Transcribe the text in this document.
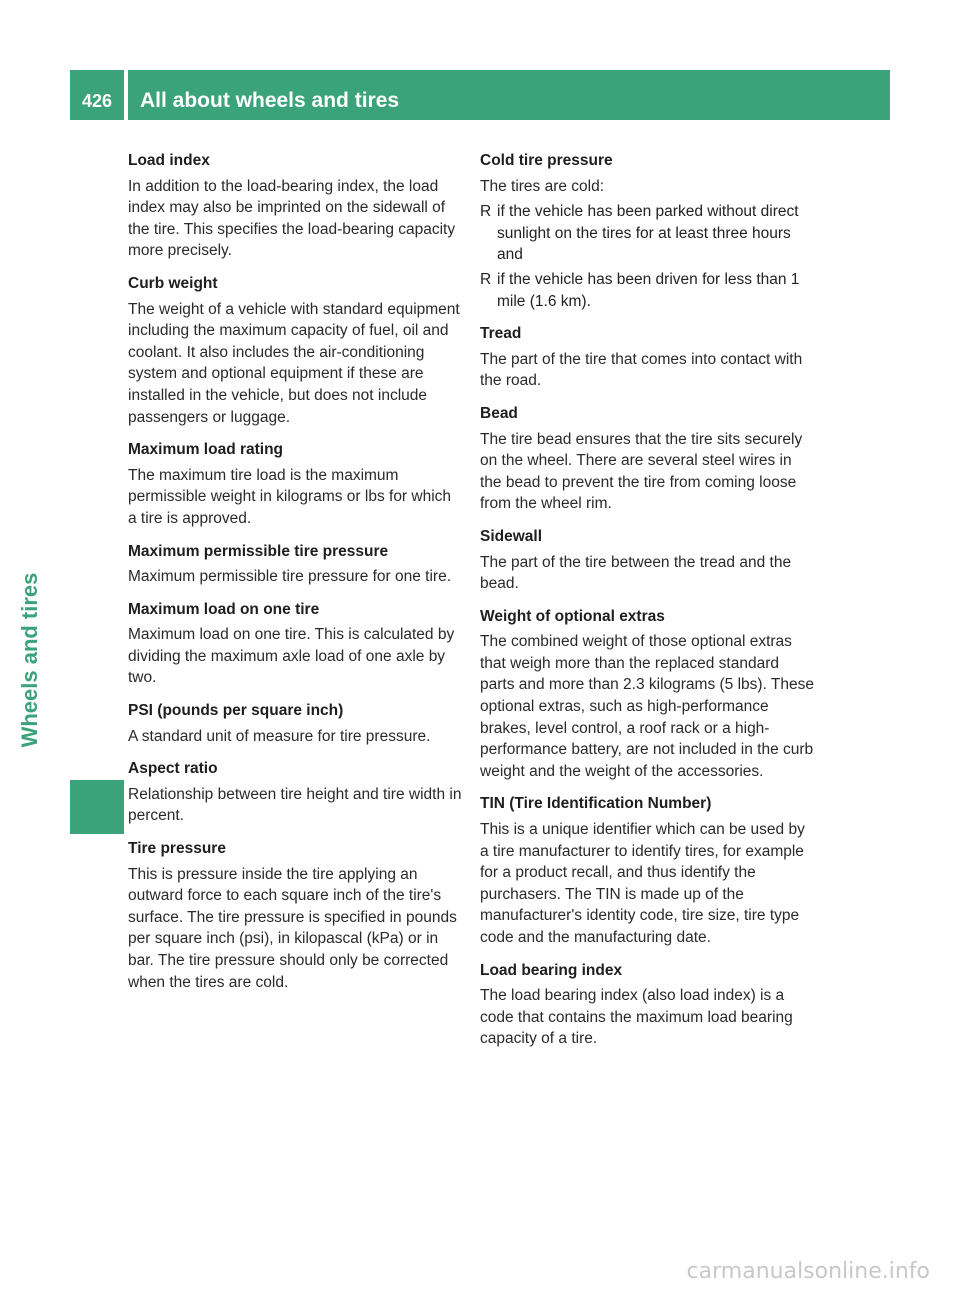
426	All about wheels and tires
Wheels and tires
Load index

In addition to the load-bearing index, the load index may also be imprinted on the sidewall of the tire. This specifies the load-bearing capacity more precisely.

Curb weight

The weight of a vehicle with standard equipment including the maximum capacity of fuel, oil and coolant. It also includes the air-conditioning system and optional equipment if these are installed in the vehicle, but does not include passengers or luggage.

Maximum load rating

The maximum tire load is the maximum permissible weight in kilograms or lbs for which a tire is approved.

Maximum permissible tire pressure

Maximum permissible tire pressure for one tire.

Maximum load on one tire

Maximum load on one tire. This is calculated by dividing the maximum axle load of one axle by two.

PSI (pounds per square inch)

A standard unit of measure for tire pressure.

Aspect ratio

Relationship between tire height and tire width in percent.

Tire pressure

This is pressure inside the tire applying an outward force to each square inch of the tire's surface. The tire pressure is specified in pounds per square inch (psi), in kilopascal (kPa) or in bar. The tire pressure should only be corrected when the tires are cold.

Cold tire pressure

The tires are cold:

R if the vehicle has been parked without direct sunlight on the tires for at least three hours and
R if the vehicle has been driven for less than 1 mile (1.6 km).
Tread

The part of the tire that comes into contact with the road.

Bead

The tire bead ensures that the tire sits securely on the wheel. There are several steel wires in the bead to prevent the tire from coming loose from the wheel rim.

Sidewall

The part of the tire between the tread and the bead.

Weight of optional extras

The combined weight of those optional extras that weigh more than the replaced standard parts and more than 2.3 kilograms (5 lbs). These optional extras, such as high-performance brakes, level control, a roof rack or a high-performance battery, are not included in the curb weight and the weight of the accessories.

TIN (Tire Identification Number)

This is a unique identifier which can be used by a tire manufacturer to identify tires, for example for a product recall, and thus identify the purchasers. The TIN is made up of the manufacturer's identity code, tire size, tire type code and the manufacturing date.

Load bearing index

The load bearing index (also load index) is a code that contains the maximum load bearing capacity of a tire.

carmanualsonline.info
